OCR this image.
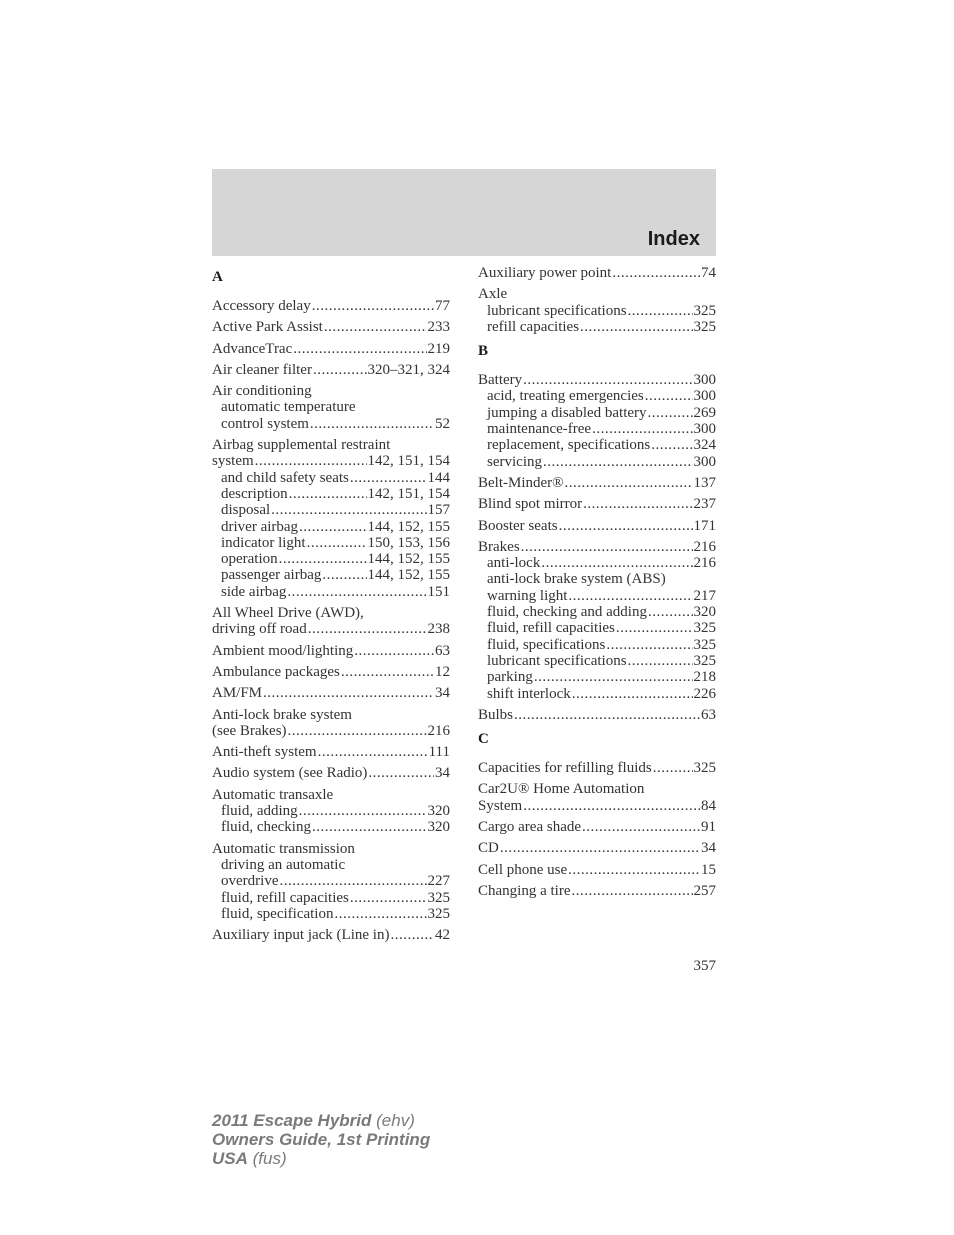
Index
A
Accessory delay .....	77
Active Park Assist .....	233
AdvanceTrac .....	219
Air cleaner filter .....	320–321, 324
Air conditioning
automatic temperature
control system .....	52
Airbag supplemental restraint
system .....	142, 151, 154
and child safety seats .....	144
description .....	142, 151, 154
disposal .....	157
driver airbag .....	144, 152, 155
indicator light .....	150, 153, 156
operation .....	144, 152, 155
passenger airbag .....	144, 152, 155
side airbag .....	151
All Wheel Drive (AWD),
driving off road .....	238
Ambient mood/lighting .....	63
Ambulance packages .....	12
AM/FM .....	34
Anti-lock brake system
(see Brakes) .....	216
Anti-theft system .....	111
Audio system (see Radio) .....	34
Automatic transaxle
fluid, adding .....	320
fluid, checking .....	320
Automatic transmission
driving an automatic
overdrive .....	227
fluid, refill capacities .....	325
fluid, specification .....	325
Auxiliary input jack (Line in) .....	42
Auxiliary power point .....	74
Axle
lubricant specifications .....	325
refill capacities .....	325
B
Battery .....	300
acid, treating emergencies .....	300
jumping a disabled battery .....	269
maintenance-free .....	300
replacement, specifications .....	324
servicing .....	300
Belt-Minder® .....	137
Blind spot mirror .....	237
Booster seats .....	171
Brakes .....	216
anti-lock .....	216
anti-lock brake system (ABS)
warning light .....	217
fluid, checking and adding .....	320
fluid, refill capacities .....	325
fluid, specifications .....	325
lubricant specifications .....	325
parking .....	218
shift interlock .....	226
Bulbs .....	63
C
Capacities for refilling fluids .....	325
Car2U® Home Automation
System .....	84
Cargo area shade .....	91
CD .....	34
Cell phone use .....	15
Changing a tire .....	257
357
2011 Escape Hybrid (ehv)
Owners Guide, 1st Printing
USA (fus)
